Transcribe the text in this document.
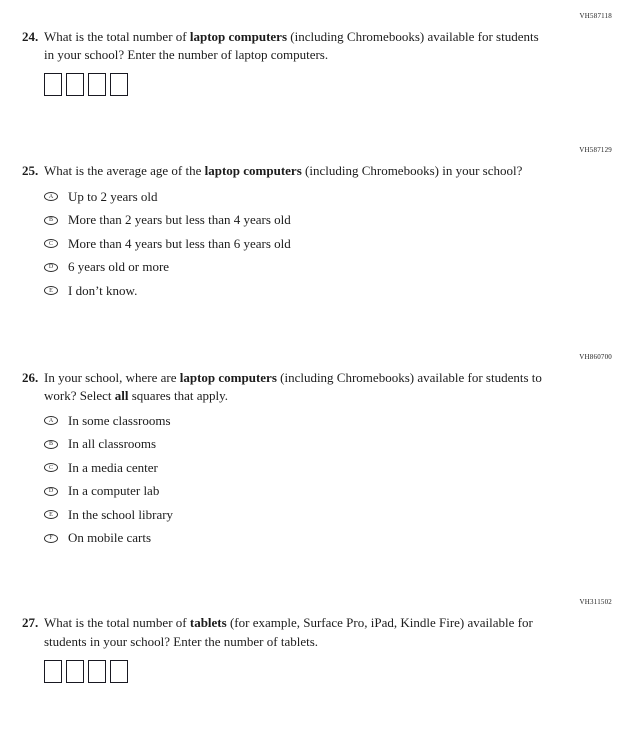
VH587118
24. What is the total number of laptop computers (including Chromebooks) available for students in your school? Enter the number of laptop computers.
VH587129
25. What is the average age of the laptop computers (including Chromebooks) in your school?
A Up to 2 years old
B More than 2 years but less than 4 years old
C More than 4 years but less than 6 years old
D 6 years old or more
E I don’t know.
VH860700
26. In your school, where are laptop computers (including Chromebooks) available for students to work? Select all squares that apply.
A In some classrooms
B In all classrooms
C In a media center
D In a computer lab
E In the school library
F On mobile carts
VH311502
27. What is the total number of tablets (for example, Surface Pro, iPad, Kindle Fire) available for students in your school? Enter the number of tablets.
